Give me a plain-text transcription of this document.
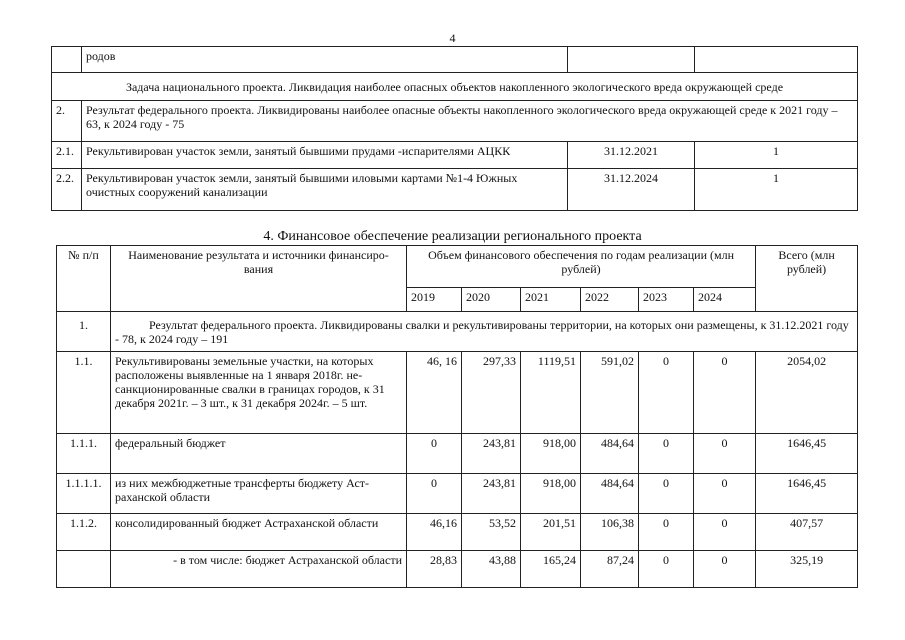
4
	родов		
Задача национального проекта. Ликвидация наиболее опасных объектов накопленного экологического вреда окружающей среде			
2.	Результат федерального проекта. Ликвидированы наиболее опасные объекты накопленного экологического вреда окружающей среде к 2021 году – 63, к 2024 году - 75		
2.1.	Рекультивирован участок земли, занятый бывшими прудами -испарителями АЦКК	31.12.2021	1
2.2.	Рекультивирован участок земли, занятый бывшими иловыми картами №1-4 Южных очистных сооружений канализации	31.12.2024	1
4. Финансовое обеспечение реализации регионального проекта
№ п/п	Наименование результата и источники финансиро-вания	Объем финансового обеспечения по годам реализации (млн рублей)						Всего (млн рублей)
		2019	2020	2021	2022	2023	2024	
1.	Результат федерального проекта. Ликвидированы свалки и рекультивированы территории, на которых они размещены, к 31.12.2021 году - 78, к 2024 году – 191							
1.1.	Рекультивированы земельные участки, на которых расположены выявленные на 1 января 2018г. не-санкционированные свалки в границах городов, к 31 декабря 2021г. – 3 шт., к 31 декабря 2024г. – 5 шт.	46, 16	297,33	1119,51	591,02	0	0	2054,02
1.1.1.	федеральный бюджет	0	243,81	918,00	484,64	0	0	1646,45
1.1.1.1.	из них межбюджетные трансферты бюджету Аст-раханской области	0	243,81	918,00	484,64	0	0	1646,45
1.1.2.	консолидированный бюджет Астраханской области	46,16	53,52	201,51	106,38	0	0	407,57
	- в том числе: бюджет Астраханской области	28,83	43,88	165,24	87,24	0	0	325,19
